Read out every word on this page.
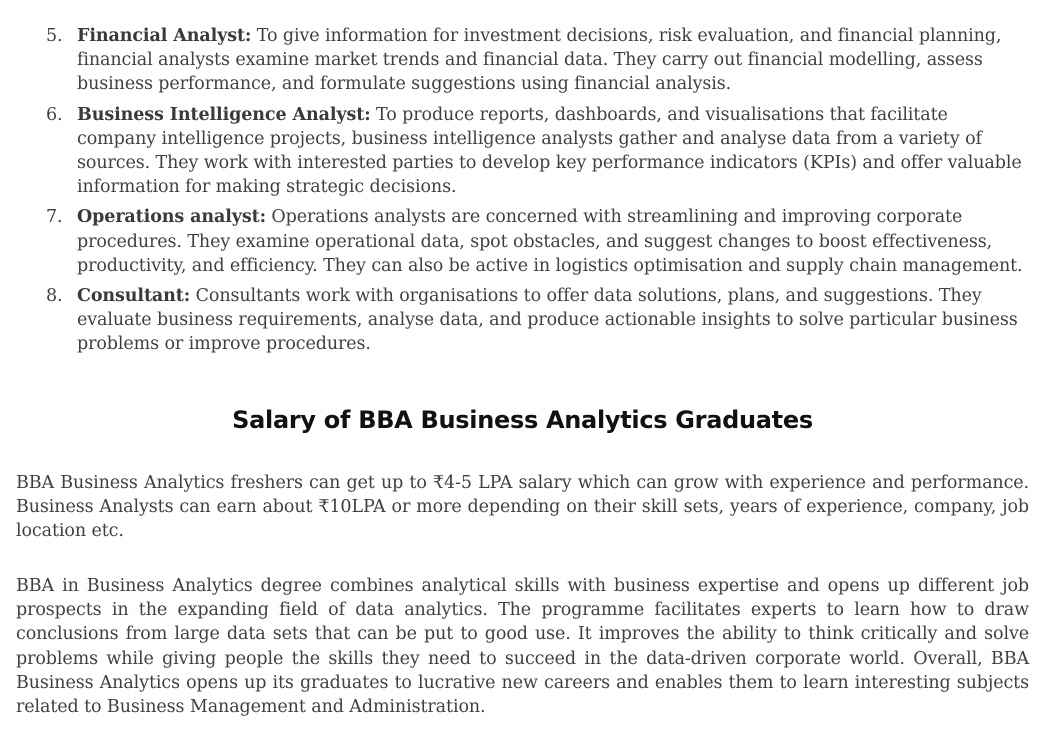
5. Financial Analyst: To give information for investment decisions, risk evaluation, and financial planning, financial analysts examine market trends and financial data. They carry out financial modelling, assess business performance, and formulate suggestions using financial analysis.
6. Business Intelligence Analyst: To produce reports, dashboards, and visualisations that facilitate company intelligence projects, business intelligence analysts gather and analyse data from a variety of sources. They work with interested parties to develop key performance indicators (KPIs) and offer valuable information for making strategic decisions.
7. Operations analyst: Operations analysts are concerned with streamlining and improving corporate procedures. They examine operational data, spot obstacles, and suggest changes to boost effectiveness, productivity, and efficiency. They can also be active in logistics optimisation and supply chain management.
8. Consultant: Consultants work with organisations to offer data solutions, plans, and suggestions. They evaluate business requirements, analyse data, and produce actionable insights to solve particular business problems or improve procedures.
Salary of BBA Business Analytics Graduates

BBA Business Analytics freshers can get up to ₹4-5 LPA salary which can grow with experience and performance. Business Analysts can earn about ₹10LPA or more depending on their skill sets, years of experience, company, job location etc.

BBA in Business Analytics degree combines analytical skills with business expertise and opens up different job prospects in the expanding field of data analytics. The programme facilitates experts to learn how to draw conclusions from large data sets that can be put to good use. It improves the ability to think critically and solve problems while giving people the skills they need to succeed in the data-driven corporate world. Overall, BBA Business Analytics opens up its graduates to lucrative new careers and enables them to learn interesting subjects related to Business Management and Administration.
